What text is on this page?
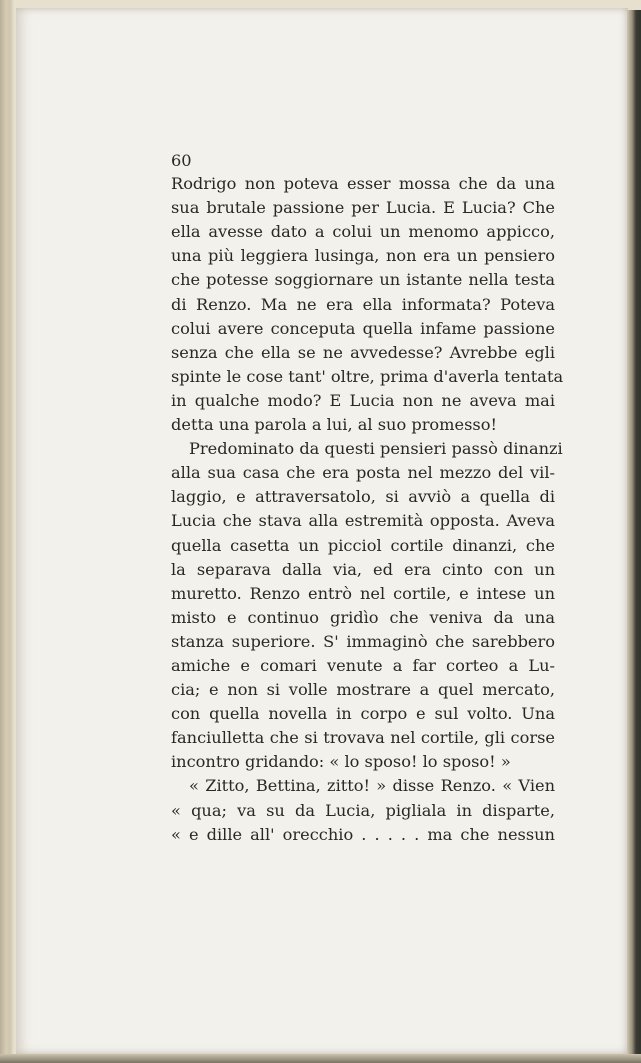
60
Rodrigo non poteva esser mossa che da una
sua brutale passione per Lucia. E Lucia? Che
ella avesse dato a colui un menomo appicco,
una più leggiera lusinga, non era un pensiero
che potesse soggiornare un istante nella testa
di Renzo. Ma ne era ella informata? Poteva
colui avere conceputa quella infame passione
senza che ella se ne avvedesse? Avrebbe egli
spinte le cose tant' oltre, prima d'averla tentata
in qualche modo? E Lucia non ne aveva mai
detta una parola a lui, al suo promesso!
Predominato da questi pensieri passò dinanzi
alla sua casa che era posta nel mezzo del vil-
laggio, e attraversatolo, si avviò a quella di
Lucia che stava alla estremità opposta. Aveva
quella casetta un picciol cortile dinanzi, che
la separava dalla via, ed era cinto con un
muretto. Renzo entrò nel cortile, e intese un
misto e continuo gridìo che veniva da una
stanza superiore. S' immaginò che sarebbero
amiche e comari venute a far corteo a Lu-
cia; e non si volle mostrare a quel mercato,
con quella novella in corpo e sul volto. Una
fanciulletta che si trovava nel cortile, gli corse
incontro gridando: « lo sposo! lo sposo! »
« Zitto, Bettina, zitto! » disse Renzo. « Vien
« qua; va su da Lucia, pigliala in disparte,
« e dille all' orecchio . . . . . ma che nessun
